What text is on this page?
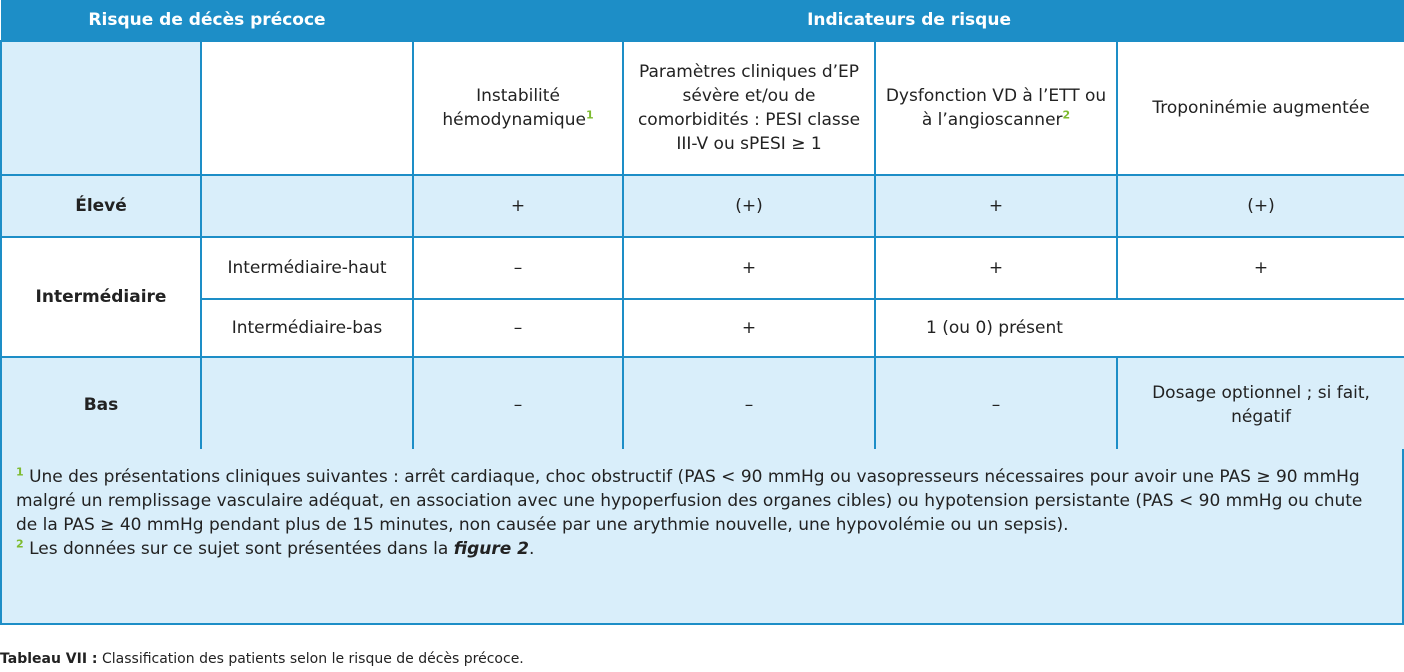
Risque de décès précoce		Indicateurs de risque			
		Instabilité hémodynamique$^1$	Paramètres cliniques d’EP sévère et/ou de comorbidités : PESI classe III-V ou sPESI ≥ 1	Dysfonction VD à l’ETT ou à l’angioscanner$^2$	Troponinémie augmentée
Élevé		+	(+)	+	(+)
Intermédiaire	Intermédiaire-haut	–	+	+	+
	Intermédiaire-bas	–	+	1 (ou 0) présent	
Bas		–	–	–	Dosage optionnel ; si fait, négatif

$^1$ Une des présentations cliniques suivantes : arrêt cardiaque, choc obstructif (PAS < 90 mmHg ou vasopresseurs nécessaires pour avoir une PAS ≥ 90 mmHg malgré un remplissage vasculaire adéquat, en association avec une hypoperfusion des organes cibles) ou hypotension persistante (PAS < 90 mmHg ou chute de la PAS ≥ 40 mmHg pendant plus de 15 minutes, non causée par une arythmie nouvelle, une hypovolémie ou un sepsis).

$^2$ Les données sur ce sujet sont présentées dans la figure 2.

Tableau VII : Classification des patients selon le risque de décès précoce.
